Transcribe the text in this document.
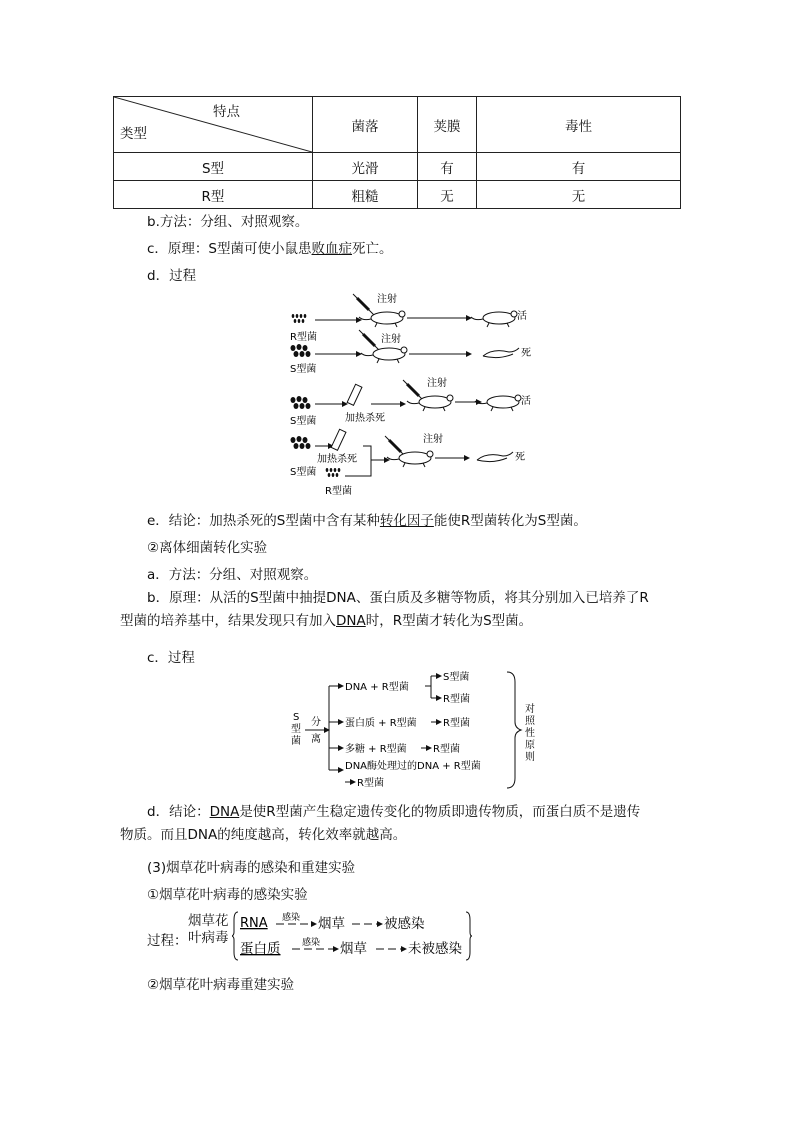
特点
类型	菌落	荚膜	毒性
S型	光滑	有	有
R型	粗糙	无	无
b.方法：分组、对照观察。
c．原理：S型菌可使小鼠患败血症死亡。
d．过程
R型菌
注射
活
S型菌
注射
死
S型菌	加热杀死
注射
活
S型菌
加热杀死
R型菌
注射
死
e．结论：加热杀死的S型菌中含有某种转化因子能使R型菌转化为S型菌。
②离体细菌转化实验
a．方法：分组、对照观察。
b．原理：从活的S型菌中抽提DNA、蛋白质及多糖等物质，将其分别加入已培养了R
型菌的培养基中，结果发现只有加入DNA时，R型菌才转化为S型菌。
c．过程
S
型
菌
分
离
DNA + R型菌
S型菌
R型菌
蛋白质 + R型菌	R型菌
多糖 + R型菌	R型菌
DNA酶处理过的DNA + R型菌
R型菌
对
照
性
原
则
d．结论：DNA是使R型菌产生稳定遗传变化的物质即遗传物质，而蛋白质不是遗传
物质。而且DNA的纯度越高，转化效率就越高。
(3)烟草花叶病毒的感染和重建实验
①烟草花叶病毒的感染实验
过程：
烟草花
叶病毒
RNA 感染 烟草	被感染
蛋白质 感染 烟草	未被感染
②烟草花叶病毒重建实验
